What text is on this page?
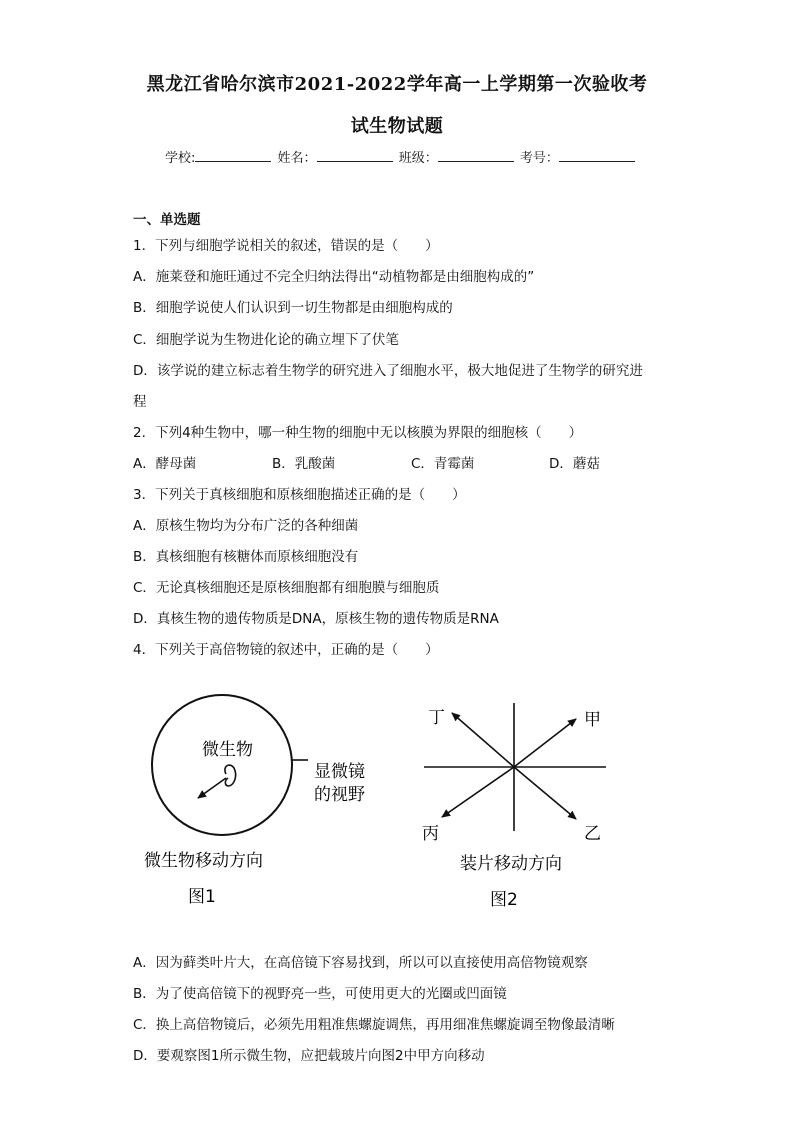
黑龙江省哈尔滨市2021-2022学年高一上学期第一次验收考
试生物试题
学校:	姓名：	班级：	考号：
一、单选题
1．下列与细胞学说相关的叙述，错误的是（　　）
A．施莱登和施旺通过不完全归纳法得出“动植物都是由细胞构成的”
B．细胞学说使人们认识到一切生物都是由细胞构成的
C．细胞学说为生物进化论的确立埋下了伏笔
D．该学说的建立标志着生物学的研究进入了细胞水平，极大地促进了生物学的研究进
程
2．下列4种生物中，哪一种生物的细胞中无以核膜为界限的细胞核（　　）
A．酵母菌	B．乳酸菌	C．青霉菌	D．蘑菇
3．下列关于真核细胞和原核细胞描述正确的是（　　）
A．原核生物均为分布广泛的各种细菌
B．真核细胞有核糖体而原核细胞没有
C．无论真核细胞还是原核细胞都有细胞膜与细胞质
D．真核生物的遗传物质是DNA，原核生物的遗传物质是RNA
4．下列关于高倍物镜的叙述中，正确的是（　　）
微生物
显微镜
的视野
微生物移动方向
图1
丁	甲
丙	乙
装片移动方向
图2
A．因为藓类叶片大，在高倍镜下容易找到，所以可以直接使用高倍物镜观察
B．为了使高倍镜下的视野亮一些，可使用更大的光圈或凹面镜
C．换上高倍物镜后，必须先用粗准焦螺旋调焦，再用细准焦螺旋调至物像最清晰
D．要观察图1所示微生物，应把载玻片向图2中甲方向移动
